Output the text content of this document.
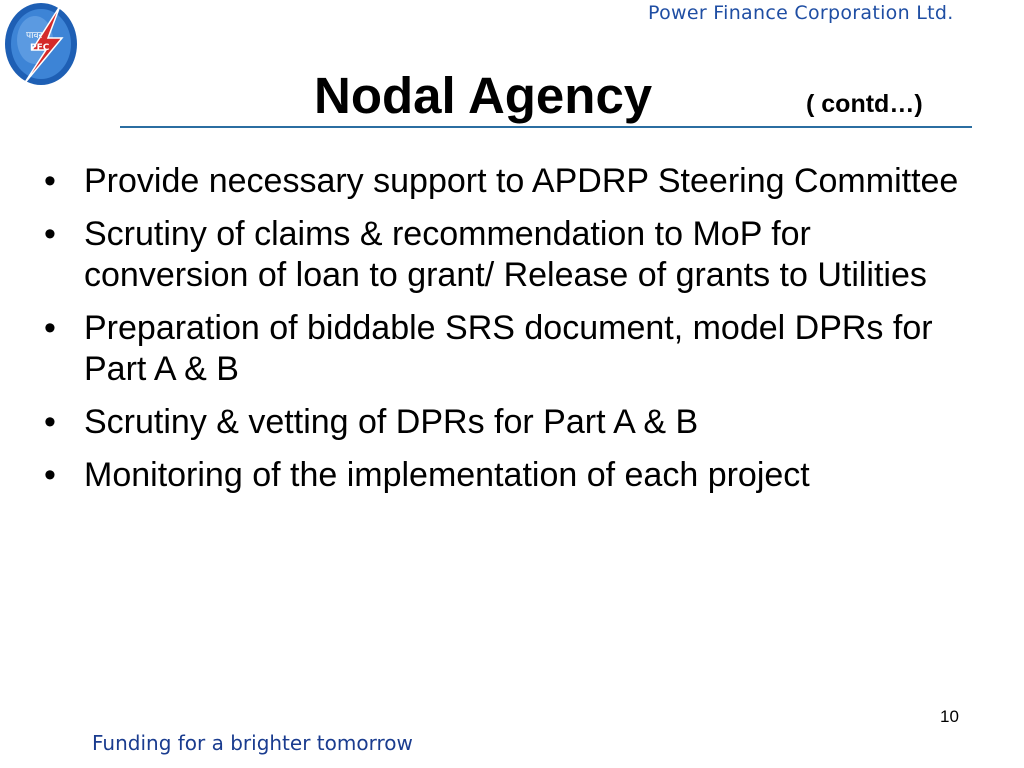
पावर
PFC
Power Finance Corporation Ltd.
Nodal Agency	( contd…)
• Provide necessary support to APDRP Steering Committee
• Scrutiny of claims & recommendation to MoP for conversion of loan to grant/ Release of grants to Utilities
• Preparation of biddable SRS document, model DPRs for Part A & B
• Scrutiny & vetting of DPRs for Part A & B
• Monitoring of the implementation of each project
10
Funding for a brighter tomorrow
